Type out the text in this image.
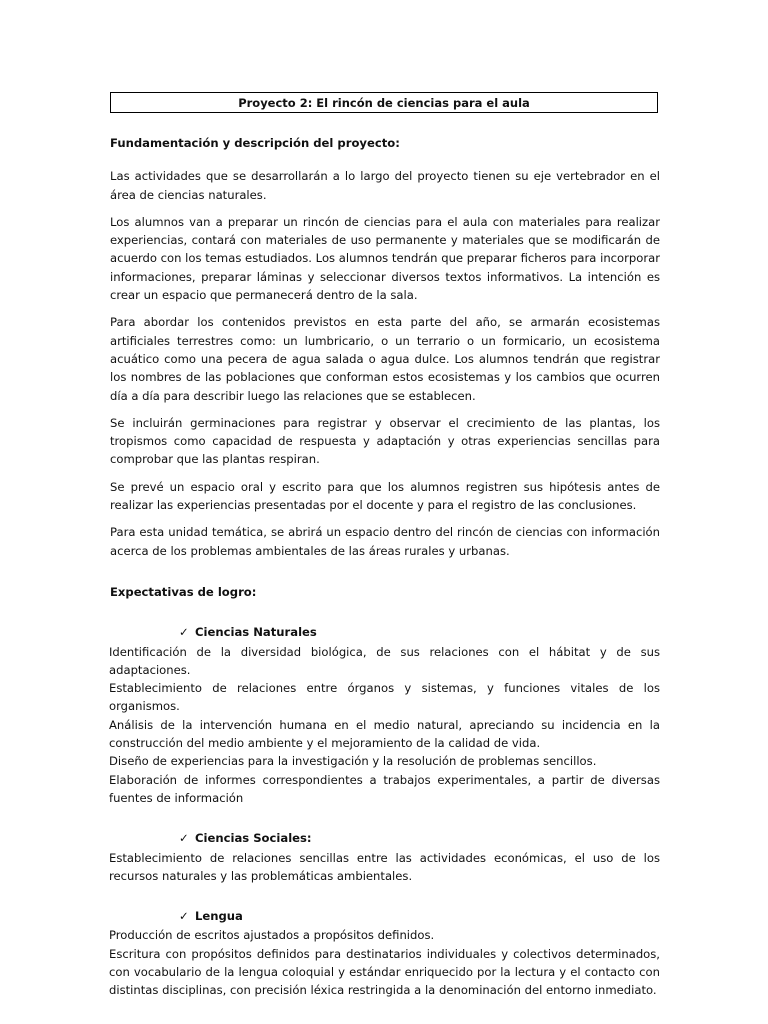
Proyecto 2: El rincón de ciencias para el aula

Fundamentación y descripción del proyecto:

Las actividades que se desarrollarán a lo largo del proyecto tienen su eje vertebrador en el área de ciencias naturales.

Los alumnos van a preparar un rincón de ciencias para el aula con materiales para realizar experiencias, contará con materiales de uso permanente y materiales que se modificarán de acuerdo con los temas estudiados. Los alumnos tendrán que preparar ficheros para incorporar informaciones, preparar láminas y seleccionar diversos textos informativos. La intención es crear un espacio que permanecerá dentro de la sala.

Para abordar los contenidos previstos en esta parte del año, se armarán ecosistemas artificiales terrestres como: un lumbricario, o un terrario o un formicario, un ecosistema acuático como una pecera de agua salada o agua dulce. Los alumnos tendrán que registrar los nombres de las poblaciones que conforman estos ecosistemas y los cambios que ocurren día a día para describir luego las relaciones que se establecen.

Se incluirán germinaciones para registrar y observar el crecimiento de las plantas, los tropismos como capacidad de respuesta y adaptación y otras experiencias sencillas para comprobar que las plantas respiran.

Se prevé un espacio oral y escrito para que los alumnos registren sus hipótesis antes de realizar las experiencias presentadas por el docente y para el registro de las conclusiones.

Para esta unidad temática, se abrirá un espacio dentro del rincón de ciencias con información acerca de los problemas ambientales de las áreas rurales y urbanas.

Expectativas de logro:

✓ Ciencias Naturales

Identificación de la diversidad biológica, de sus relaciones con el hábitat y de sus adaptaciones.

Establecimiento de relaciones entre órganos y sistemas, y funciones vitales de los organismos.

Análisis de la intervención humana en el medio natural, apreciando su incidencia en la construcción del medio ambiente y el mejoramiento de la calidad de vida.

Diseño de experiencias para la investigación y la resolución de problemas sencillos.

Elaboración de informes correspondientes a trabajos experimentales, a partir de diversas fuentes de información

✓ Ciencias Sociales:

Establecimiento de relaciones sencillas entre las actividades económicas, el uso de los recursos naturales y las problemáticas ambientales.

✓ Lengua

Producción de escritos ajustados a propósitos definidos.

Escritura con propósitos definidos para destinatarios individuales y colectivos determinados, con vocabulario de la lengua coloquial y estándar enriquecido por la lectura y el contacto con distintas disciplinas, con precisión léxica restringida a la denominación del entorno inmediato.
